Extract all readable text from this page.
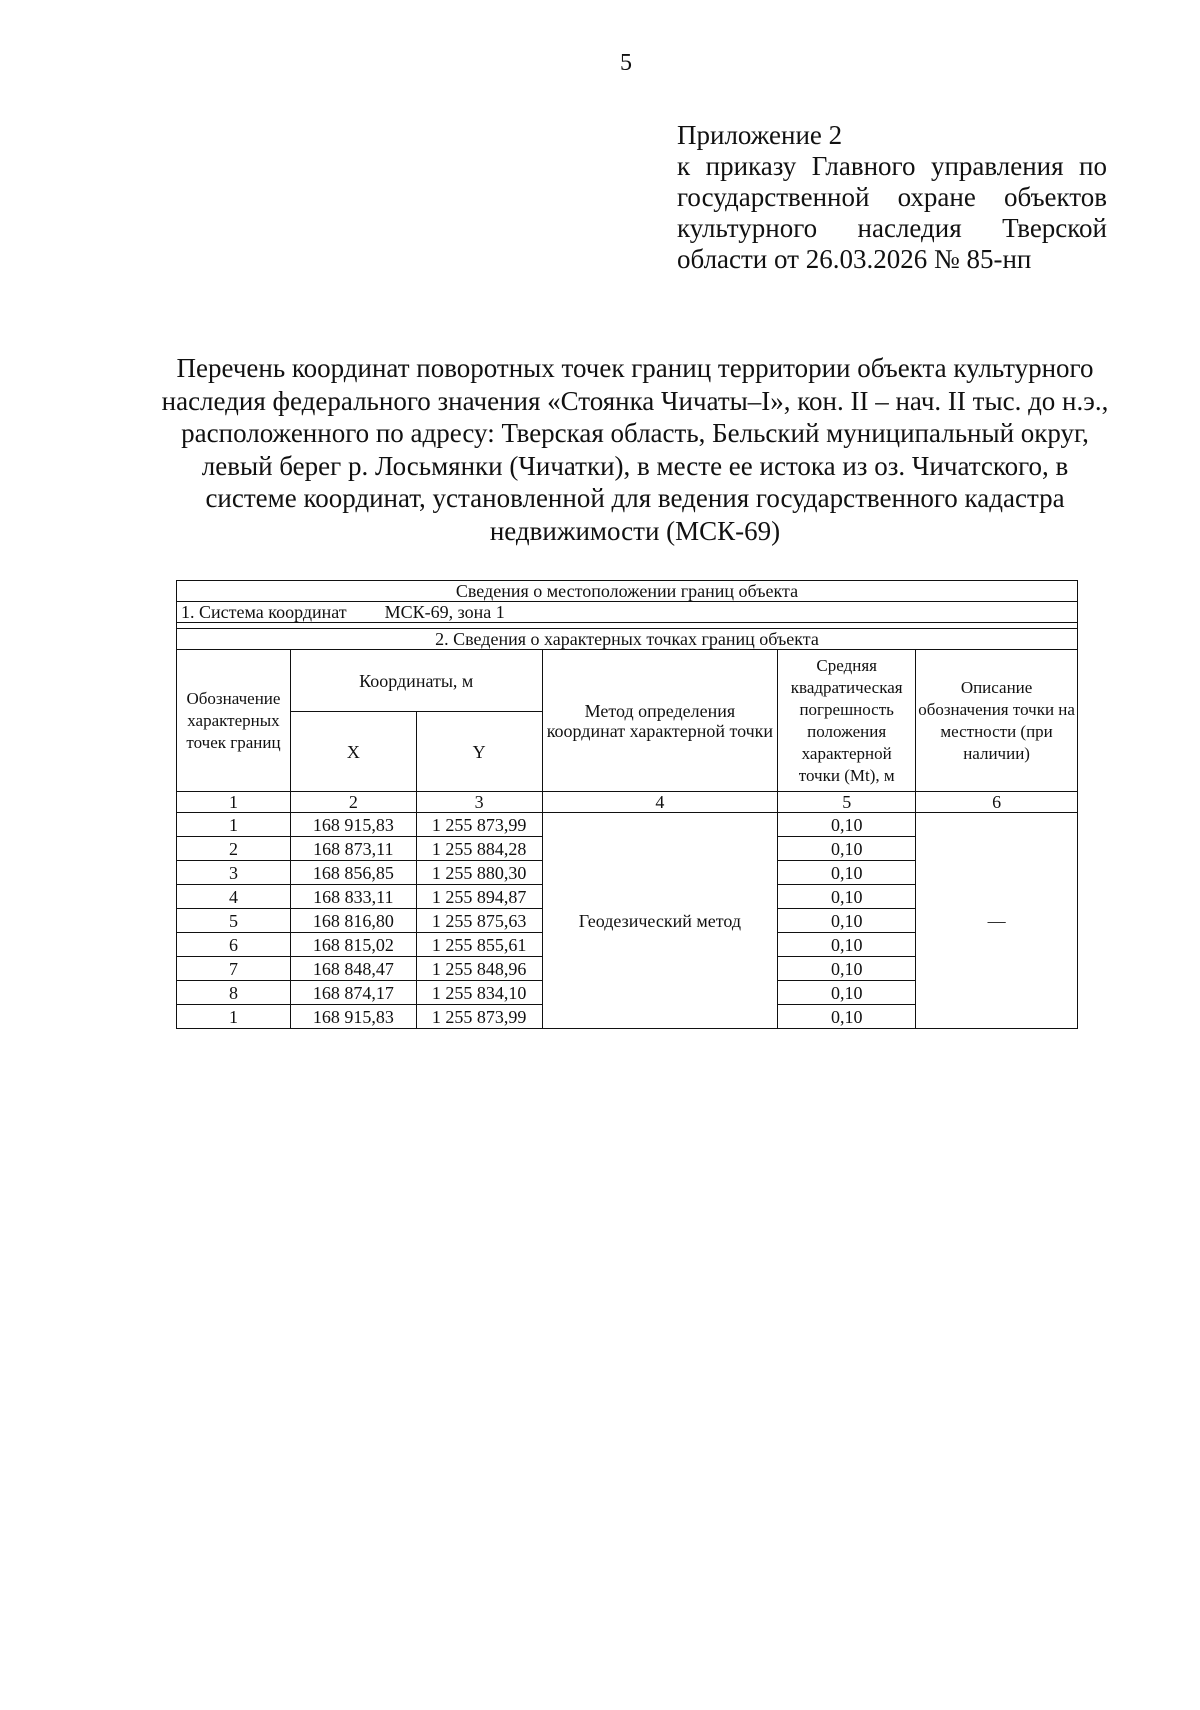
5
Приложение 2
к приказу Главного управления по государственной охране объектов культурного наследия Тверской области от 26.03.2026 № 85-нп
Перечень координат поворотных точек границ территории объекта культурного наследия федерального значения «Стоянка Чичаты–I», кон. II – нач. II тыс. до н.э., расположенного по адресу: Тверская область, Бельский муниципальный округ, левый берег р. Лосьмянки (Чичатки), в месте ее истока из оз. Чичатского, в системе координат, установленной для ведения государственного кадастра недвижимости (МСК-69)
Сведения о местоположении границ объекта					
1. Система координат МСК-69, зона 1					

2. Сведения о характерных точках границ объекта					
Обозначение характерных точек границ	Координаты, м		Метод определения координат характерной точки	Средняя квадратическая погрешность положения характерной точки (Mt), м	Описание обозначения точки на местности (при наличии)
	X	Y			
1	2	3	4	5	6
1	168 915,83	1 255 873,99	Геодезический метод	0,10	—
2	168 873,11	1 255 884,28		0,10	
3	168 856,85	1 255 880,30		0,10	
4	168 833,11	1 255 894,87		0,10	
5	168 816,80	1 255 875,63		0,10	
6	168 815,02	1 255 855,61		0,10	
7	168 848,47	1 255 848,96		0,10	
8	168 874,17	1 255 834,10		0,10	
1	168 915,83	1 255 873,99		0,10	
